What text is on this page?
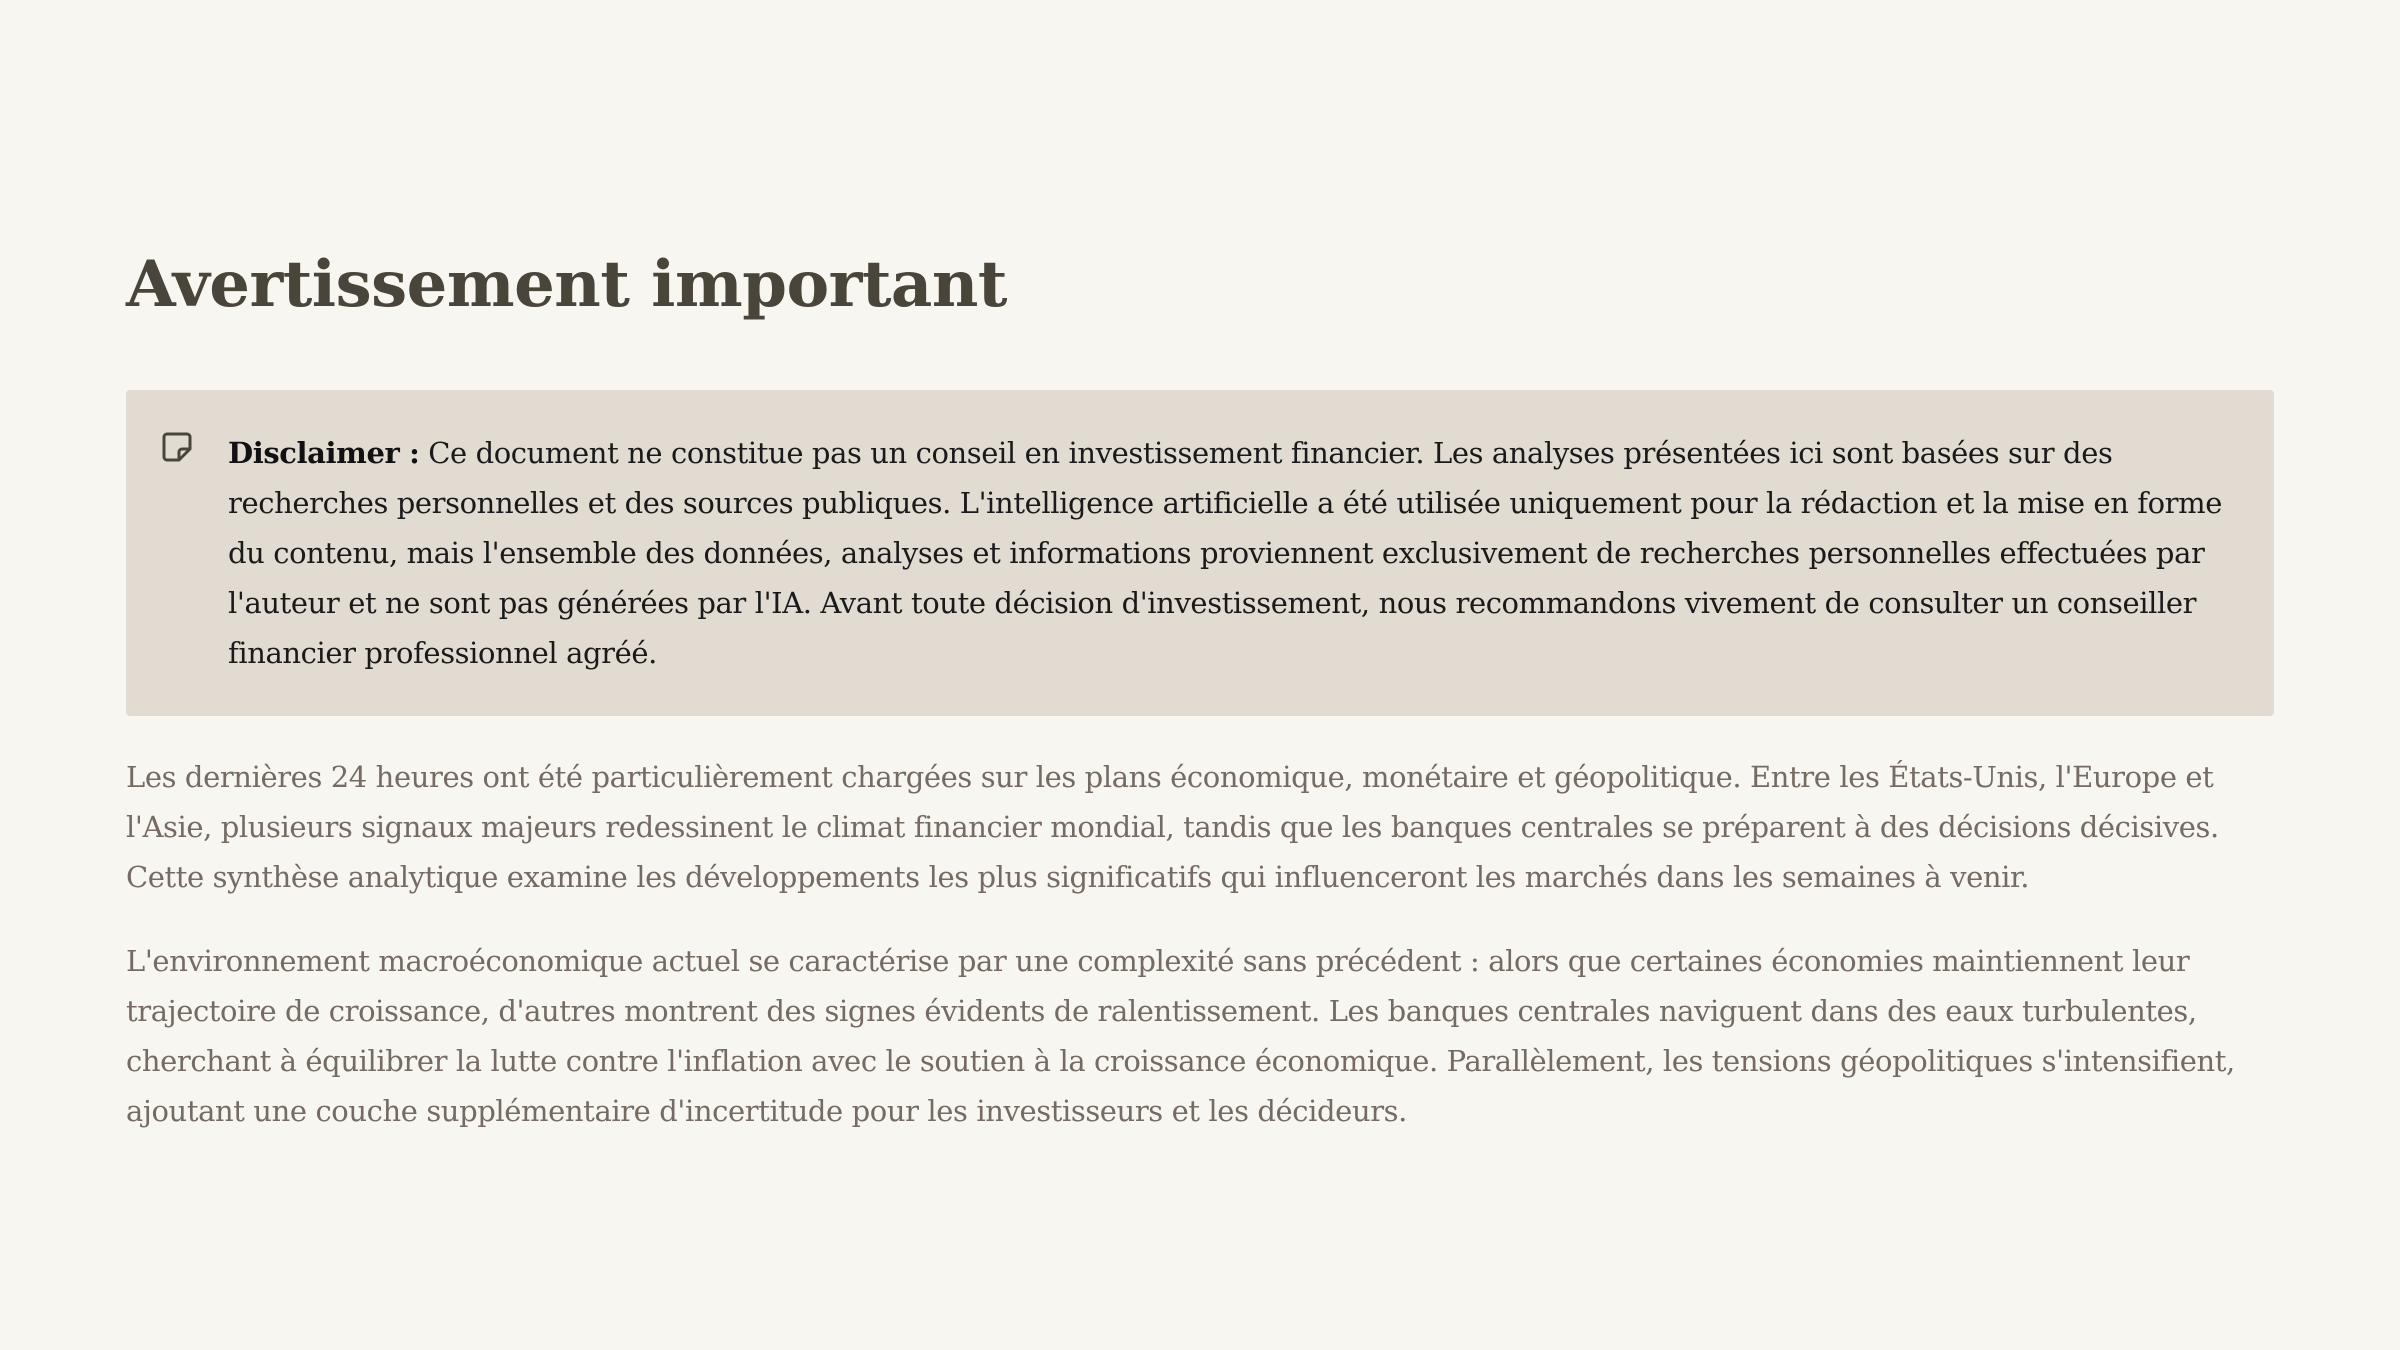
Avertissement important
Disclaimer : Ce document ne constitue pas un conseil en investissement financier. Les analyses présentées ici sont basées sur des recherches personnelles et des sources publiques. L'intelligence artificielle a été utilisée uniquement pour la rédaction et la mise en forme du contenu, mais l'ensemble des données, analyses et informations proviennent exclusivement de recherches personnelles effectuées par l'auteur et ne sont pas générées par l'IA. Avant toute décision d'investissement, nous recommandons vivement de consulter un conseiller financier professionnel agréé.

Les dernières 24 heures ont été particulièrement chargées sur les plans économique, monétaire et géopolitique. Entre les États-Unis, l'Europe et l'Asie, plusieurs signaux majeurs redessinent le climat financier mondial, tandis que les banques centrales se préparent à des décisions décisives. Cette synthèse analytique examine les développements les plus significatifs qui influenceront les marchés dans les semaines à venir.

L'environnement macroéconomique actuel se caractérise par une complexité sans précédent : alors que certaines économies maintiennent leur trajectoire de croissance, d'autres montrent des signes évidents de ralentissement. Les banques centrales naviguent dans des eaux turbulentes, cherchant à équilibrer la lutte contre l'inflation avec le soutien à la croissance économique. Parallèlement, les tensions géopolitiques s'intensifient, ajoutant une couche supplémentaire d'incertitude pour les investisseurs et les décideurs.
